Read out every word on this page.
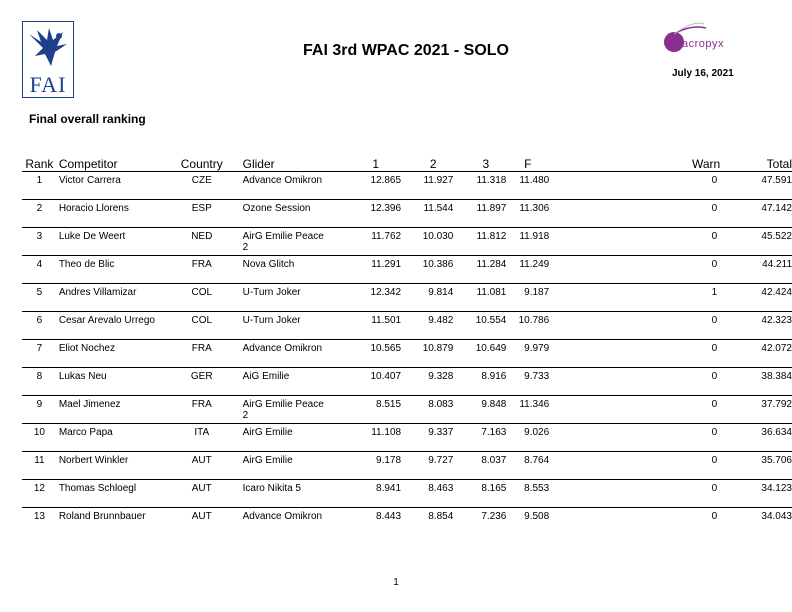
FAI
acropyx
FAI 3rd WPAC 2021 - SOLO
July 16, 2021
Final overall ranking
Rank	Competitor	Country	Glider	1	2	3	F		Warn	Total
1	Victor Carrera	CZE	Advance Omikron	12.865	11.927	11.318	11.480		0	47.591
2	Horacio Llorens	ESP	Ozone Session	12.396	11.544	11.897	11.306		0	47.142
3	Luke De Weert	NED	AirG Emilie Peace 2	11.762	10.030	11.812	11.918		0	45.522
4	Theo de Blic	FRA	Nova Glitch	11.291	10.386	11.284	11.249		0	44.211
5	Andres Villamizar	COL	U-Turn Joker	12.342	9.814	11.081	9.187		1	42.424
6	Cesar Arevalo Urrego	COL	U-Turn Joker	11.501	9.482	10.554	10.786		0	42.323
7	Eliot Nochez	FRA	Advance Omikron	10.565	10.879	10.649	9.979		0	42.072
8	Lukas Neu	GER	AiG Emilie	10.407	9.328	8.916	9.733		0	38.384
9	Mael Jimenez	FRA	AirG Emilie Peace 2	8.515	8.083	9.848	11.346		0	37.792
10	Marco Papa	ITA	AirG Emilie	11.108	9.337	7.163	9.026		0	36.634
11	Norbert Winkler	AUT	AirG Emilie	9.178	9.727	8.037	8.764		0	35.706
12	Thomas Schloegl	AUT	Icaro Nikita 5	8.941	8.463	8.165	8.553		0	34.123
13	Roland Brunnbauer	AUT	Advance Omikron	8.443	8.854	7.236	9.508		0	34.043
1
